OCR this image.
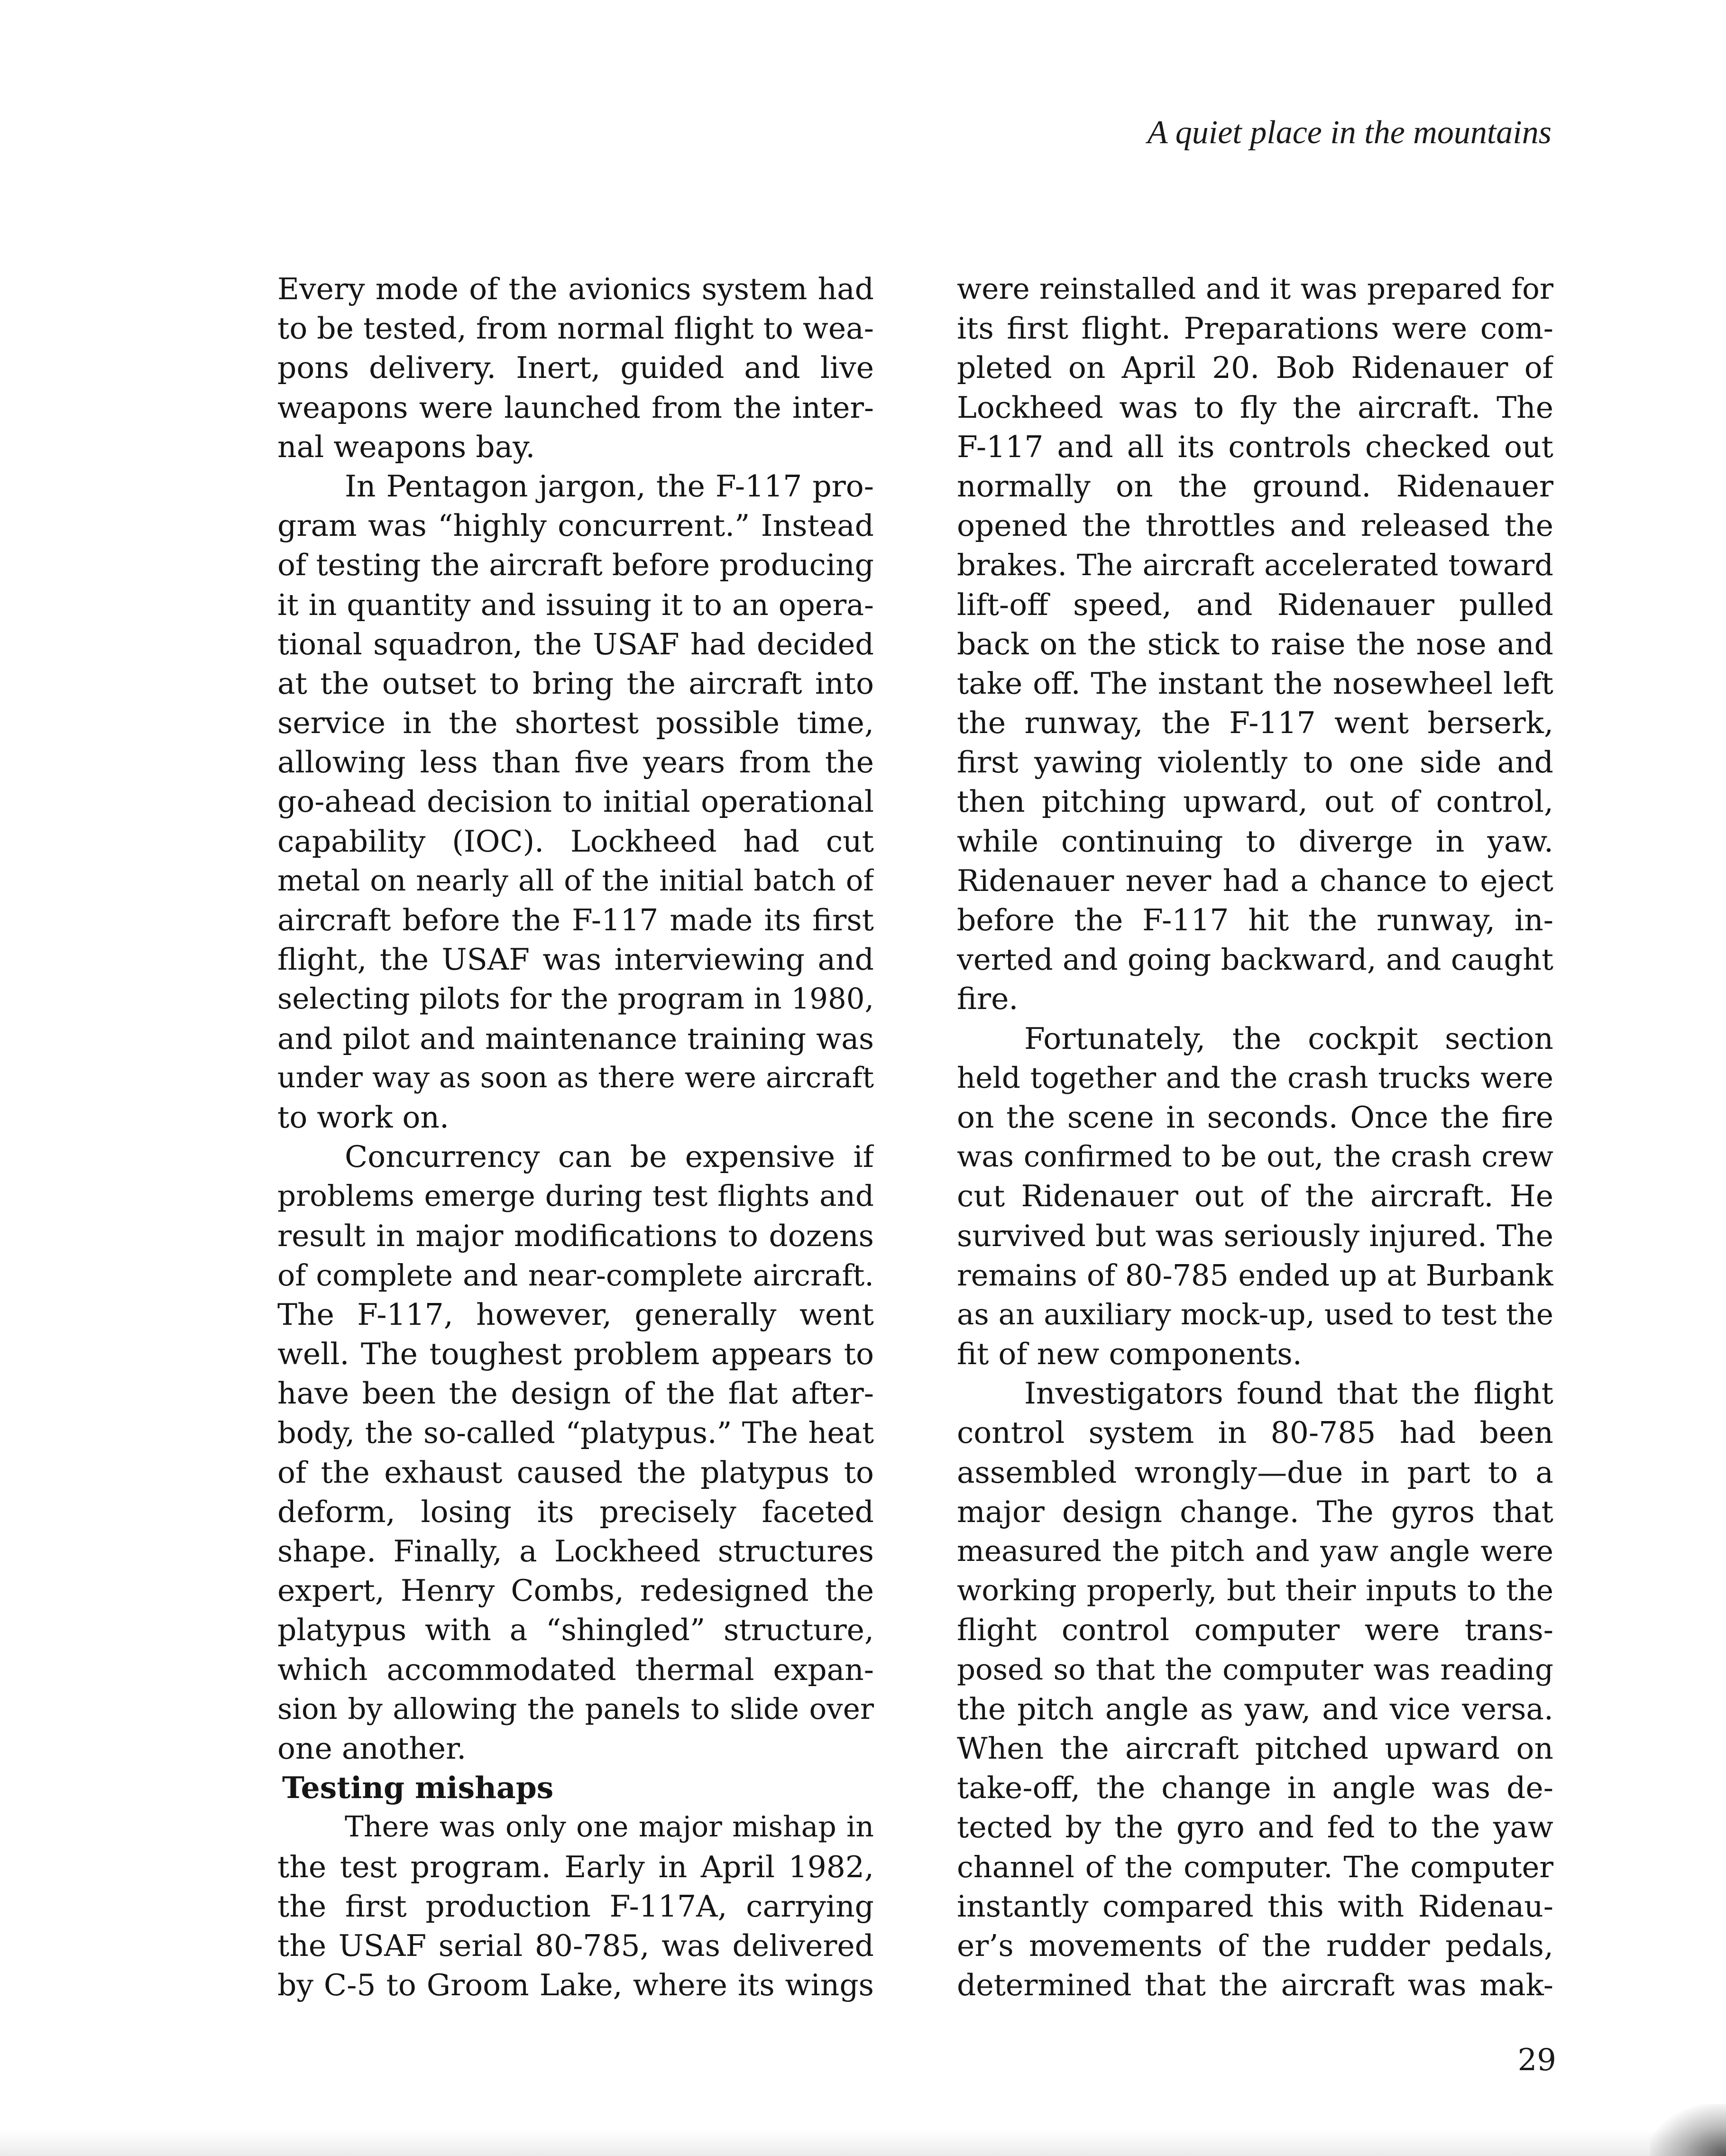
A quiet place in the mountains
Every mode of the avionics system had
to be tested, from normal flight to wea-
pons delivery. Inert, guided and live
weapons were launched from the inter-
nal weapons bay.
In Pentagon jargon, the F-117 pro-
gram was “highly concurrent.” Instead
of testing the aircraft before producing
it in quantity and issuing it to an opera-
tional squadron, the USAF had decided
at the outset to bring the aircraft into
service in the shortest possible time,
allowing less than five years from the
go-ahead decision to initial operational
capability (IOC). Lockheed had cut
metal on nearly all of the initial batch of
aircraft before the F-117 made its first
flight, the USAF was interviewing and
selecting pilots for the program in 1980,
and pilot and maintenance training was
under way as soon as there were aircraft
to work on.
Concurrency can be expensive if
problems emerge during test flights and
result in major modifications to dozens
of complete and near-complete aircraft.
The F-117, however, generally went
well. The toughest problem appears to
have been the design of the flat after-
body, the so-called “platypus.” The heat
of the exhaust caused the platypus to
deform, losing its precisely faceted
shape. Finally, a Lockheed structures
expert, Henry Combs, redesigned the
platypus with a “shingled” structure,
which accommodated thermal expan-
sion by allowing the panels to slide over
one another.
Testing mishaps
There was only one major mishap in
the test program. Early in April 1982,
the first production F-117A, carrying
the USAF serial 80-785, was delivered
by C-5 to Groom Lake, where its wings
were reinstalled and it was prepared for
its first flight. Preparations were com-
pleted on April 20. Bob Ridenauer of
Lockheed was to fly the aircraft. The
F-117 and all its controls checked out
normally on the ground. Ridenauer
opened the throttles and released the
brakes. The aircraft accelerated toward
lift-off speed, and Ridenauer pulled
back on the stick to raise the nose and
take off. The instant the nosewheel left
the runway, the F-117 went berserk,
first yawing violently to one side and
then pitching upward, out of control,
while continuing to diverge in yaw.
Ridenauer never had a chance to eject
before the F-117 hit the runway, in-
verted and going backward, and caught
fire.
Fortunately, the cockpit section
held together and the crash trucks were
on the scene in seconds. Once the fire
was confirmed to be out, the crash crew
cut Ridenauer out of the aircraft. He
survived but was seriously injured. The
remains of 80-785 ended up at Burbank
as an auxiliary mock-up, used to test the
fit of new components.
Investigators found that the flight
control system in 80-785 had been
assembled wrongly—due in part to a
major design change. The gyros that
measured the pitch and yaw angle were
working properly, but their inputs to the
flight control computer were trans-
posed so that the computer was reading
the pitch angle as yaw, and vice versa.
When the aircraft pitched upward on
take-off, the change in angle was de-
tected by the gyro and fed to the yaw
channel of the computer. The computer
instantly compared this with Ridenau-
er’s movements of the rudder pedals,
determined that the aircraft was mak-
29
